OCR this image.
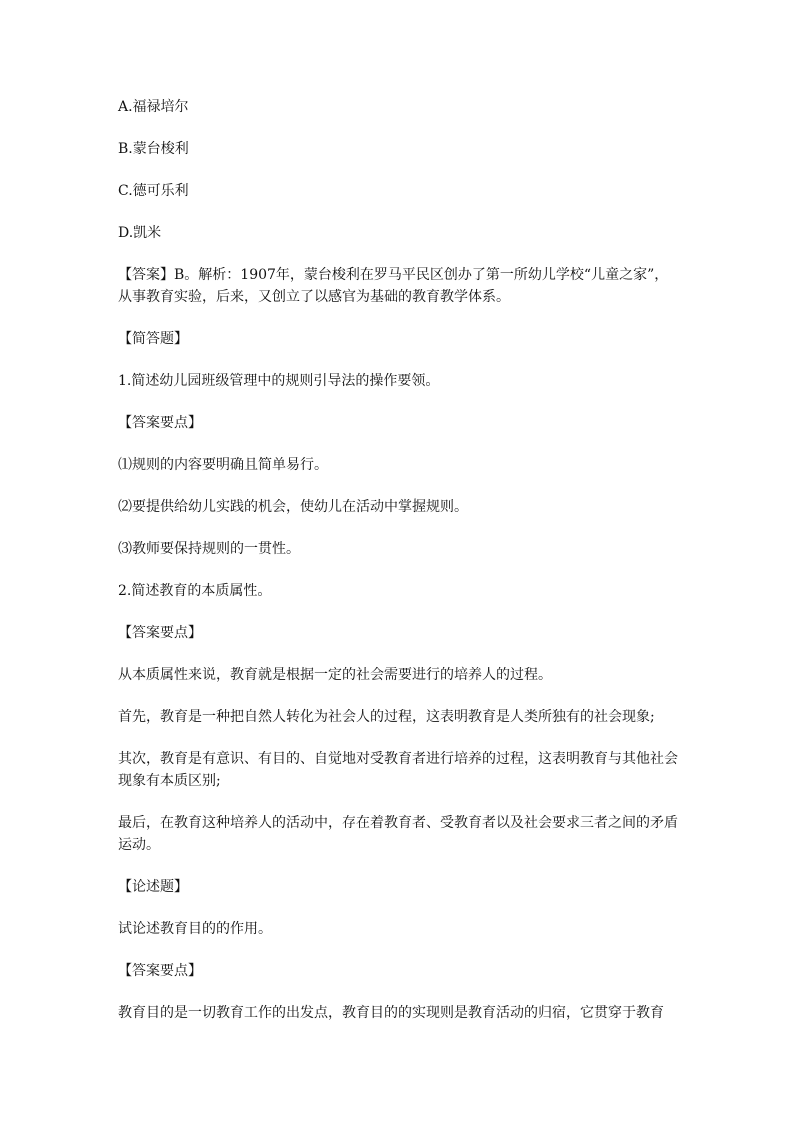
A.福禄培尔

B.蒙台梭利

C.德可乐利

D.凯米

【答案】B。解析：1907年，蒙台梭利在罗马平民区创办了第一所幼儿学校“儿童之家”，从事教育实验，后来，又创立了以感官为基础的教育教学体系。

【简答题】

1.简述幼儿园班级管理中的规则引导法的操作要领。

【答案要点】

⑴规则的内容要明确且简单易行。

⑵要提供给幼儿实践的机会，使幼儿在活动中掌握规则。

⑶教师要保持规则的一贯性。

2.简述教育的本质属性。

【答案要点】

从本质属性来说，教育就是根据一定的社会需要进行的培养人的过程。

首先，教育是一种把自然人转化为社会人的过程，这表明教育是人类所独有的社会现象;

其次，教育是有意识、有目的、自觉地对受教育者进行培养的过程，这表明教育与其他社会现象有本质区别;

最后，在教育这种培养人的活动中，存在着教育者、受教育者以及社会要求三者之间的矛盾运动。

【论述题】

试论述教育目的的作用。

【答案要点】

教育目的是一切教育工作的出发点，教育目的的实现则是教育活动的归宿，它贯穿于教育
